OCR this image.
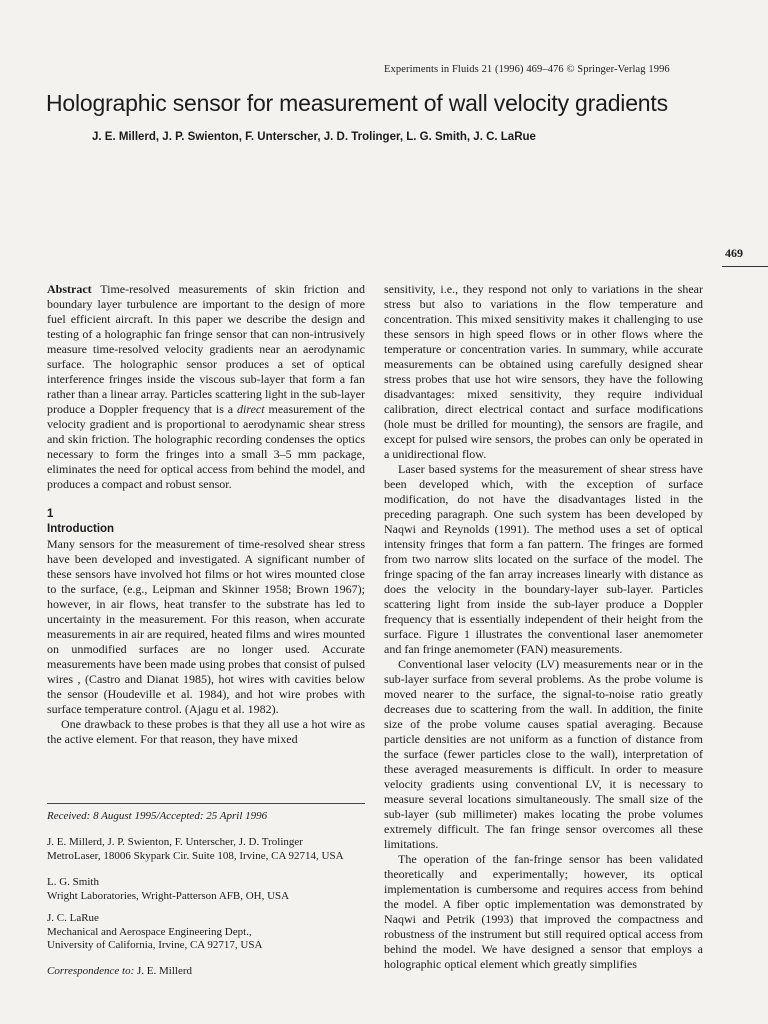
Experiments in Fluids 21 (1996) 469–476 © Springer-Verlag 1996
Holographic sensor for measurement of wall velocity gradients
J. E. Millerd, J. P. Swienton, F. Unterscher, J. D. Trolinger, L. G. Smith, J. C. LaRue
469

Abstract Time-resolved measurements of skin friction and boundary layer turbulence are important to the design of more fuel efficient aircraft. In this paper we describe the design and testing of a holographic fan fringe sensor that can non-intrusively measure time-resolved velocity gradients near an aerodynamic surface. The holographic sensor produces a set of optical interference fringes inside the viscous sub-layer that form a fan rather than a linear array. Particles scattering light in the sub-layer produce a Doppler frequency that is a direct measurement of the velocity gradient and is proportional to aerodynamic shear stress and skin friction. The holographic recording condenses the optics necessary to form the fringes into a small 3–5 mm package, eliminates the need for optical access from behind the model, and produces a compact and robust sensor.

1
Introduction

Many sensors for the measurement of time-resolved shear stress have been developed and investigated. A significant number of these sensors have involved hot films or hot wires mounted close to the surface, (e.g., Leipman and Skinner 1958; Brown 1967); however, in air flows, heat transfer to the substrate has led to uncertainty in the measurement. For this reason, when accurate measurements in air are required, heated films and wires mounted on unmodified surfaces are no longer used. Accurate measurements have been made using probes that consist of pulsed wires , (Castro and Dianat 1985), hot wires with cavities below the sensor (Houdeville et al. 1984), and hot wire probes with surface temperature control. (Ajagu et al. 1982).

One drawback to these probes is that they all use a hot wire as the active element. For that reason, they have mixed

sensitivity, i.e., they respond not only to variations in the shear stress but also to variations in the flow temperature and concentration. This mixed sensitivity makes it challenging to use these sensors in high speed flows or in other flows where the temperature or concentration varies. In summary, while accurate measurements can be obtained using carefully designed shear stress probes that use hot wire sensors, they have the following disadvantages: mixed sensitivity, they require individual calibration, direct electrical contact and surface modifications (hole must be drilled for mounting), the sensors are fragile, and except for pulsed wire sensors, the probes can only be operated in a unidirectional flow.

Laser based systems for the measurement of shear stress have been developed which, with the exception of surface modification, do not have the disadvantages listed in the preceding paragraph. One such system has been developed by Naqwi and Reynolds (1991). The method uses a set of optical intensity fringes that form a fan pattern. The fringes are formed from two narrow slits located on the surface of the model. The fringe spacing of the fan array increases linearly with distance as does the velocity in the boundary-layer sub-layer. Particles scattering light from inside the sub-layer produce a Doppler frequency that is essentially independent of their height from the surface. Figure 1 illustrates the conventional laser anemometer and fan fringe anemometer (FAN) measurements.

Conventional laser velocity (LV) measurements near or in the sub-layer surface from several problems. As the probe volume is moved nearer to the surface, the signal-to-noise ratio greatly decreases due to scattering from the wall. In addition, the finite size of the probe volume causes spatial averaging. Because particle densities are not uniform as a function of distance from the surface (fewer particles close to the wall), interpretation of these averaged measurements is difficult. In order to measure velocity gradients using conventional LV, it is necessary to measure several locations simultaneously. The small size of the sub-layer (sub millimeter) makes locating the probe volumes extremely difficult. The fan fringe sensor overcomes all these limitations.

The operation of the fan-fringe sensor has been validated theoretically and experimentally; however, its optical implementation is cumbersome and requires access from behind the model. A fiber optic implementation was demonstrated by Naqwi and Petrik (1993) that improved the compactness and robustness of the instrument but still required optical access from behind the model. We have designed a sensor that employs a holographic optical element which greatly simplifies

Received: 8 August 1995/Accepted: 25 April 1996
J. E. Millerd, J. P. Swienton, F. Unterscher, J. D. Trolinger
MetroLaser, 18006 Skypark Cir. Suite 108, Irvine, CA 92714, USA
L. G. Smith
Wright Laboratories, Wright-Patterson AFB, OH, USA
J. C. LaRue
Mechanical and Aerospace Engineering Dept.,
University of California, Irvine, CA 92717, USA
Correspondence to: J. E. Millerd
